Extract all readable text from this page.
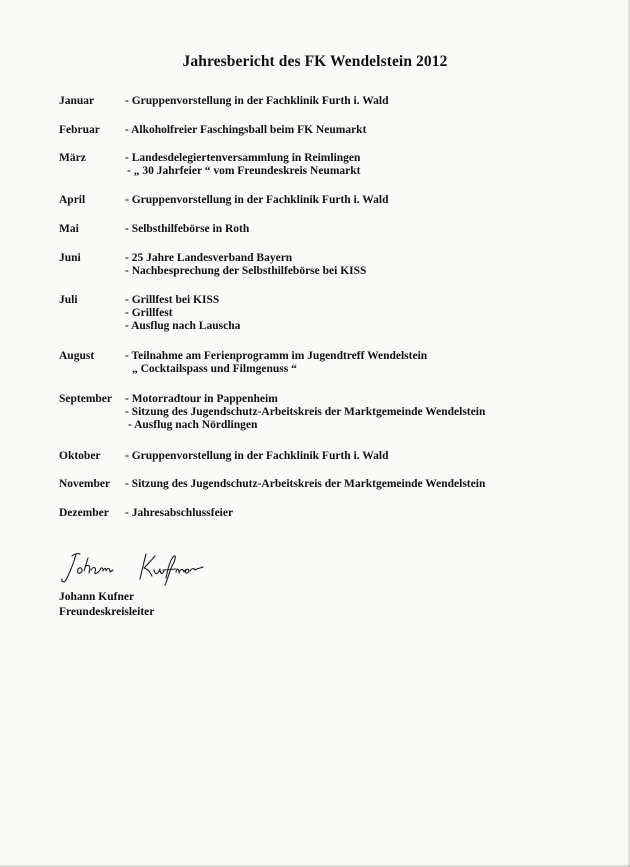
Jahresbericht des FK Wendelstein 2012
Januar	- Gruppenvorstellung in der Fachklinik Furth i. Wald
Februar	- Alkoholfreier Faschingsball beim FK Neumarkt
März	- Landesdelegiertenversammlung in Reimlingen
- „ 30 Jahrfeier “ vom Freundeskreis Neumarkt
April	- Gruppenvorstellung in der Fachklinik Furth i. Wald
Mai	- Selbsthilfebörse in Roth
Juni	- 25 Jahre Landesverband Bayern
- Nachbesprechung der Selbsthilfebörse bei KISS
Juli	- Grillfest bei KISS
- Grillfest
- Ausflug nach Lauscha
August	- Teilnahme am Ferienprogramm im Jugendtreff Wendelstein
„ Cocktailspass und Filmgenuss “
September	- Motorradtour in Pappenheim
- Sitzung des Jugendschutz-Arbeitskreis der Marktgemeinde Wendelstein
- Ausflug nach Nördlingen
Oktober	- Gruppenvorstellung in der Fachklinik Furth i. Wald
November	- Sitzung des Jugendschutz-Arbeitskreis der Marktgemeinde Wendelstein
Dezember	- Jahresabschlussfeier
Johann Kufner
Freundeskreisleiter
